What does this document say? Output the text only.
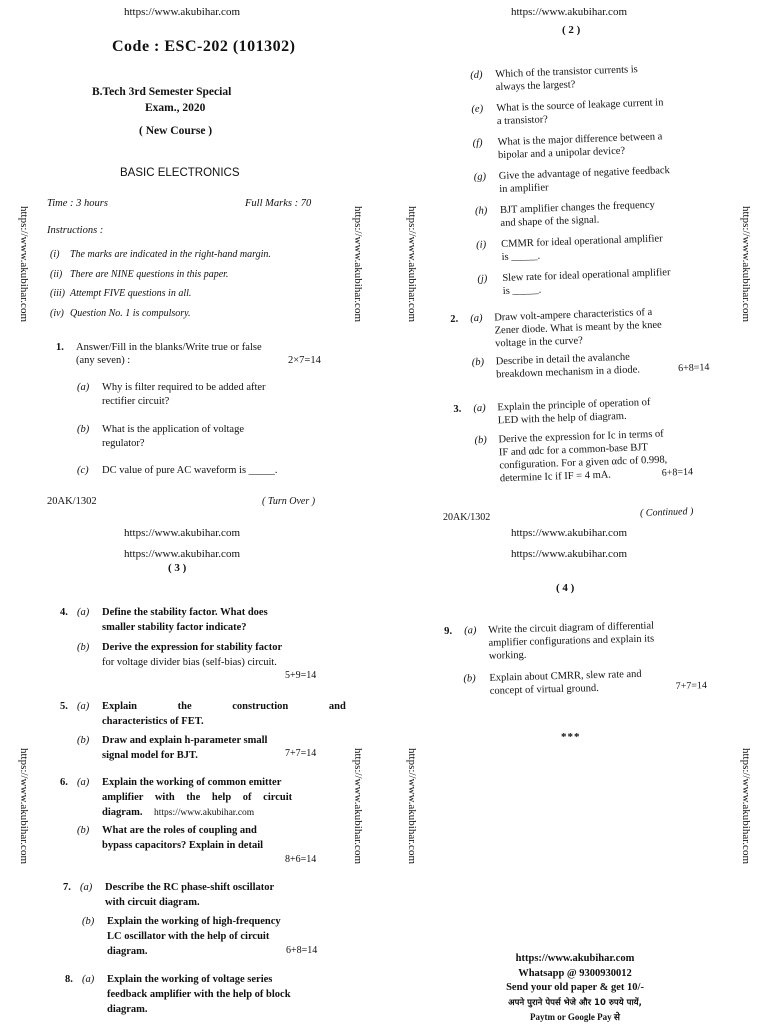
https://www.akubihar.com
Code : ESC-202 (101302)
B.Tech 3rd Semester Special
Exam., 2020
( New Course )
BASIC ELECTRONICS
Time : 3 hours	Full Marks : 70
Instructions :
(i) The marks are indicated in the right-hand margin.
(ii) There are NINE questions in this paper.
(iii) Attempt FIVE questions in all.
(iv) Question No. 1 is compulsory.
1. Answer/Fill in the blanks/Write true or false
(any seven) :	2×7=14
(a) Why is filter required to be added after
rectifier circuit?
(b) What is the application of voltage
regulator?
(c) DC value of pure AC waveform is _____.
20AK/1302	( Turn Over )
https://www.akubihar.com
( 2 )
(d) Which of the transistor currents is
always the largest?
(e) What is the source of leakage current in
a transistor?
(f) What is the major difference between a
bipolar and a unipolar device?
(g) Give the advantage of negative feedback
in amplifier
(h) BJT amplifier changes the frequency
and shape of the signal.
(i) CMMR for ideal operational amplifier
is _____.
(j) Slew rate for ideal operational amplifier
is _____.
2. (a) Draw volt-ampere characteristics of a
Zener diode. What is meant by the knee
voltage in the curve?
(b) Describe in detail the avalanche
breakdown mechanism in a diode.	6+8=14
3. (a) Explain the principle of operation of
LED with the help of diagram.
(b) Derive the expression for Ic in terms of
IF and αdc for a common-base BJT
configuration. For a given αdc of 0.998,
determine Ic if IF = 4 mA.	6+8=14
20AK/1302	( Continued )
https://www.akubihar.com
https://www.akubihar.com
( 3 )
4. (a) Define the stability factor. What does
smaller stability factor indicate?
(b) Derive the expression for stability factor
for voltage divider bias (self-bias) circuit.
5+9=14
5. (a) Explain the construction and
characteristics of FET.
(b) Draw and explain h-parameter small
signal model for BJT.	7+7=14
6. (a) Explain the working of common emitter
amplifier with the help of circuit
diagram. https://www.akubihar.com
(b) What are the roles of coupling and
bypass capacitors? Explain in detail
8+6=14
7. (a) Describe the RC phase-shift oscillator
with circuit diagram.
(b) Explain the working of high-frequency
LC oscillator with the help of circuit
diagram.	6+8=14
8. (a) Explain the working of voltage series
feedback amplifier with the help of block
diagram.
https://www.akubihar.com
https://www.akubihar.com
( 4 )
9. (a) Write the circuit diagram of differential
amplifier configurations and explain its
working.
(b) Explain about CMRR, slew rate and
concept of virtual ground.	7+7=14
***
https://www.akubihar.com
Whatsapp @ 9300930012
Send your old paper & get 10/-
अपने पुराने पेपर्स भेजे और 10 रुपये पायें,
Paytm or Google Pay से
https://www.akubihar.com	https://www.akubihar.com	https://www.akubihar.com	https://www.akubihar.com
https://www.akubihar.com	https://www.akubihar.com	https://www.akubihar.com	https://www.akubihar.com
